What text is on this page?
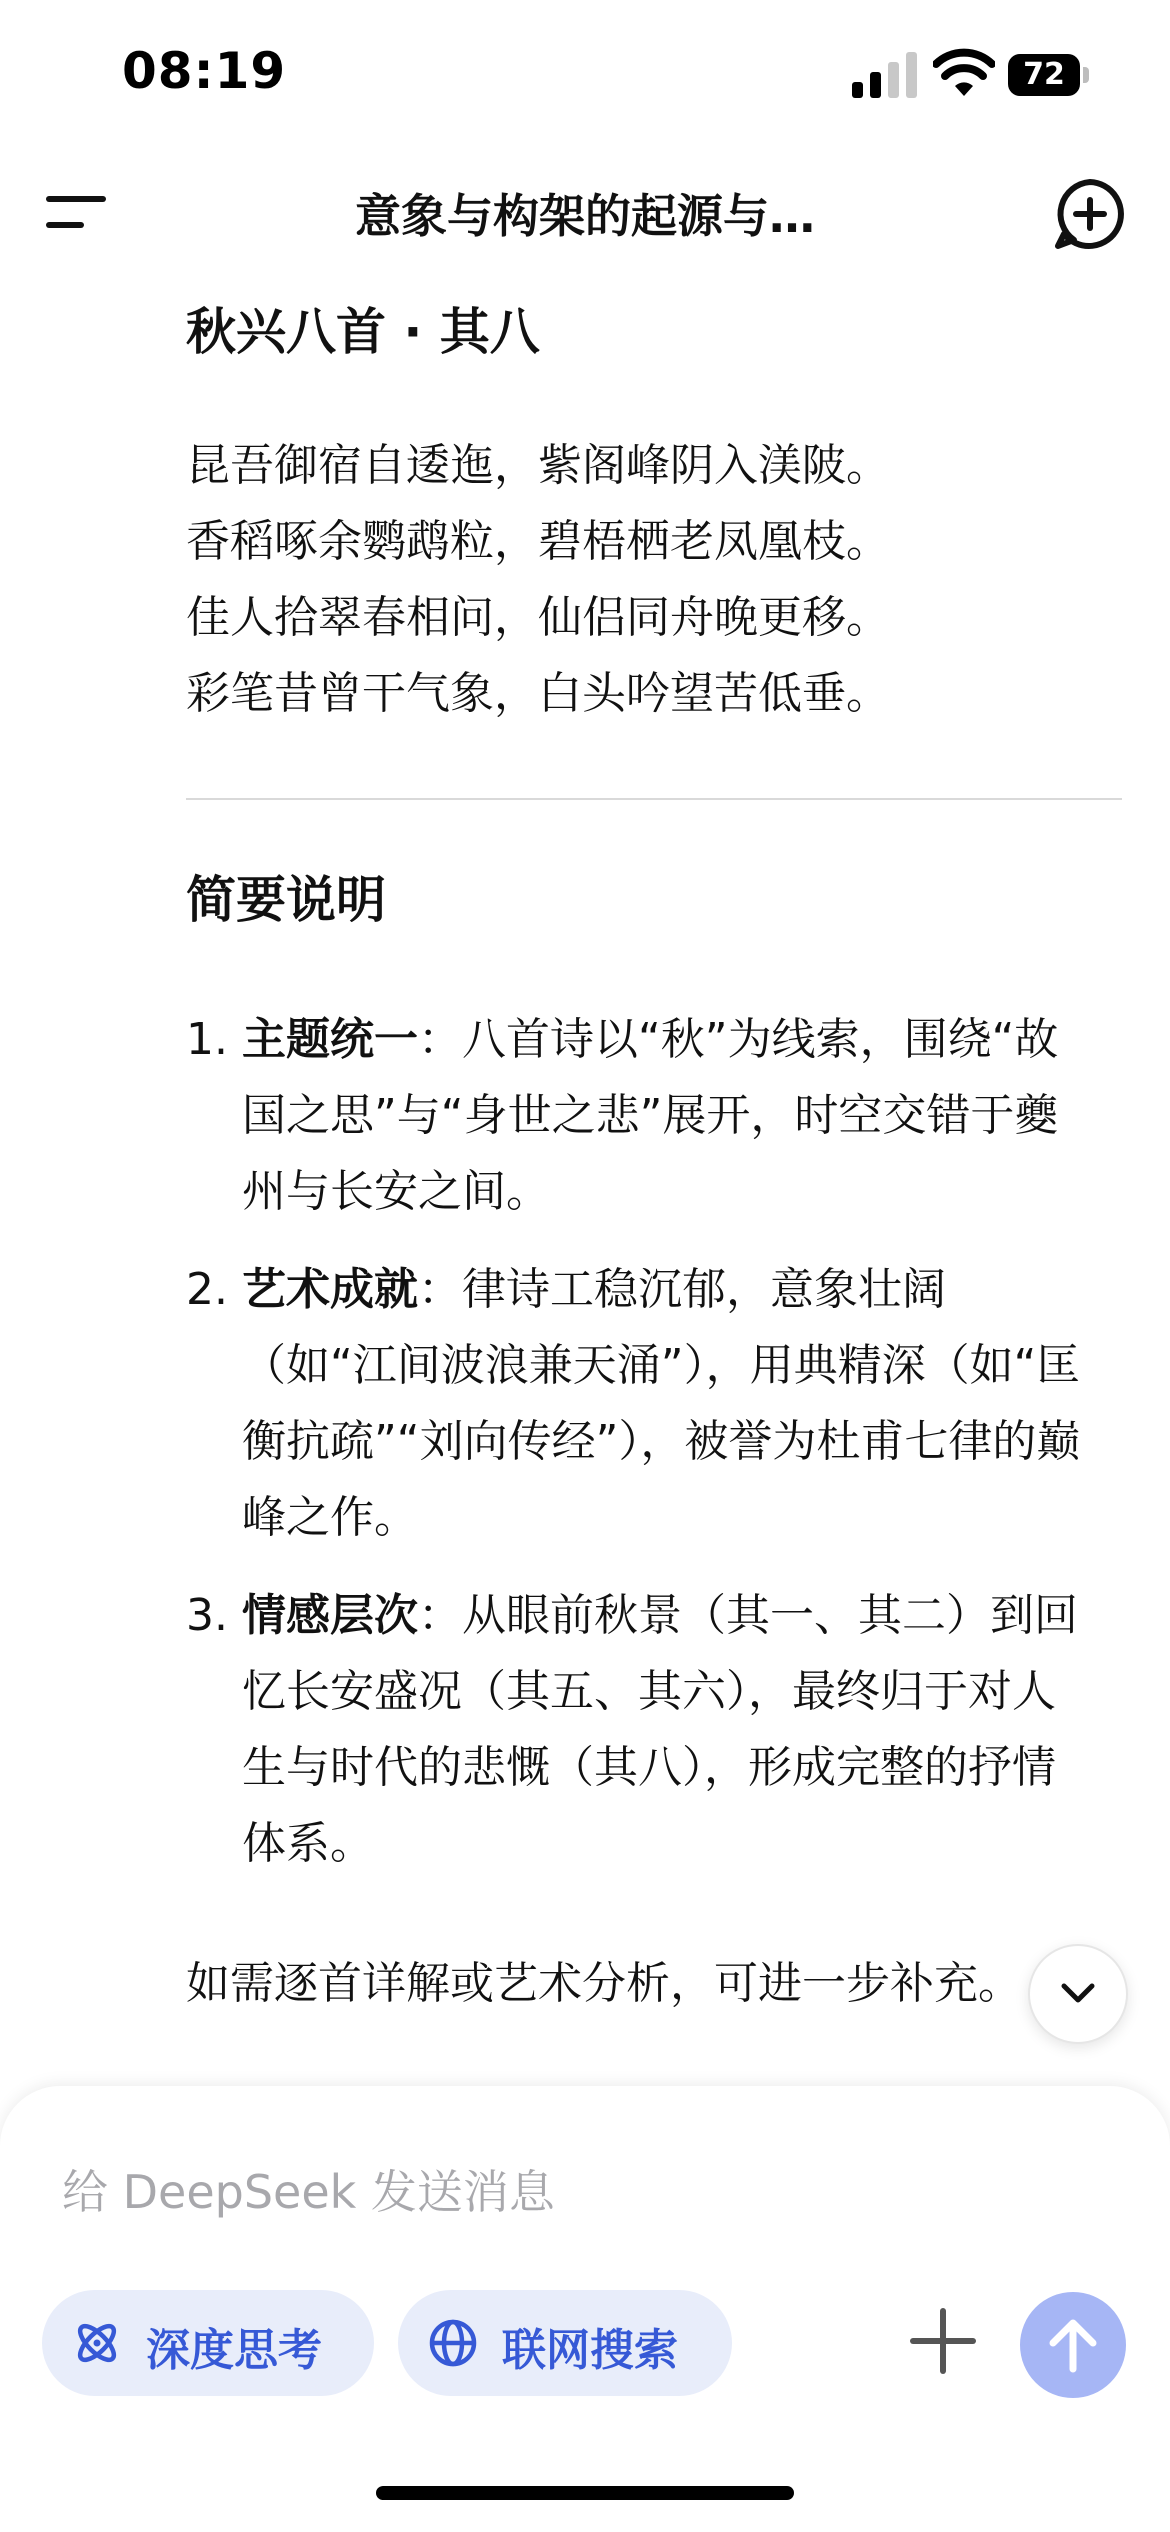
08:19	72
意象与构架的起源与…
秋兴八首 · 其八
昆吾御宿自逶迤，紫阁峰阴入渼陂。
香稻啄余鹦鹉粒，碧梧栖老凤凰枝。
佳人拾翠春相问，仙侣同舟晚更移。
彩笔昔曾干气象，白头吟望苦低垂。
简要说明
1. 主题统一：八首诗以“秋”为线索，围绕“故国之思”与“身世之悲”展开，时空交错于夔州与长安之间。
2. 艺术成就：律诗工稳沉郁，意象壮阔（如“江间波浪兼天涌”），用典精深（如“匡衡抗疏”“刘向传经”），被誉为杜甫七律的巅峰之作。
3. 情感层次：从眼前秋景（其一、其二）到回忆长安盛况（其五、其六），最终归于对人生与时代的悲慨（其八），形成完整的抒情体系。
如需逐首详解或艺术分析，可进一步补充。
给 DeepSeek 发送消息
深度思考	联网搜索
